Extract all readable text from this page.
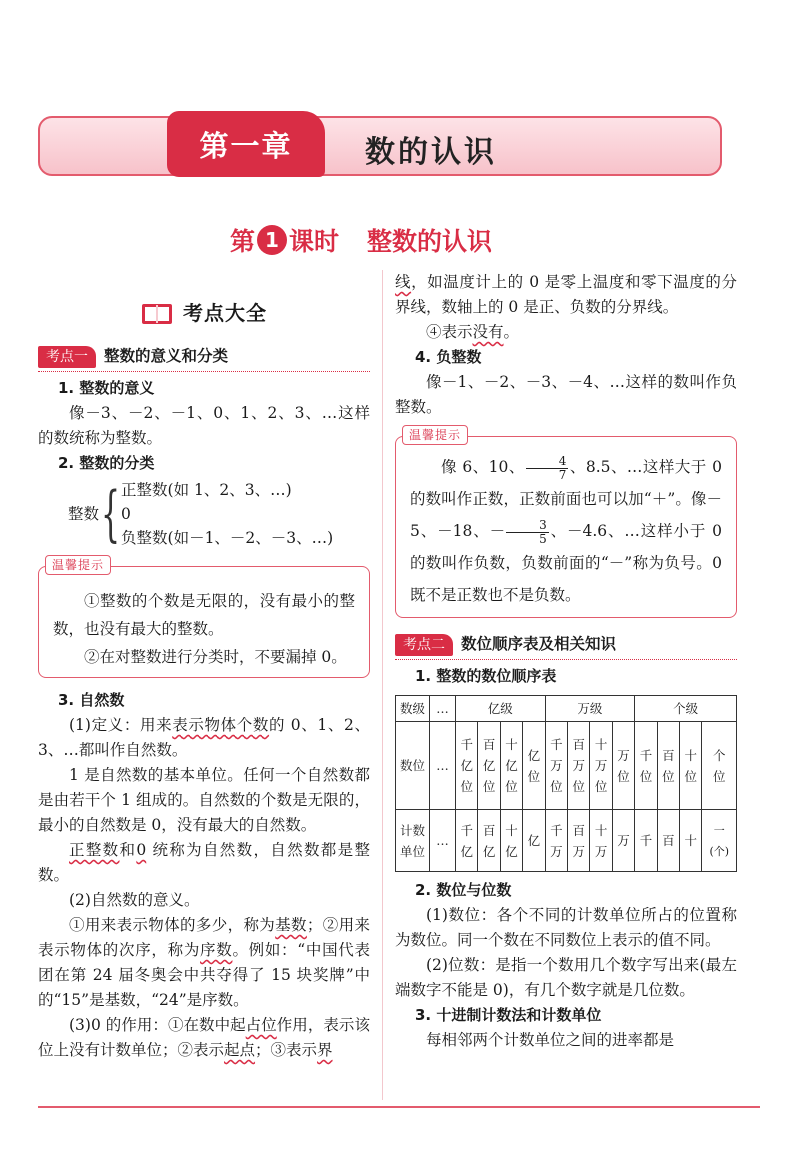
第一章	数的认识
第 1 课时 整数的认识
考点大全
考点一	整数的意义和分类
1. 整数的意义

像－3、－2、－1、0、1、2、3、…这样的数统称为整数。

2. 整数的分类
整数 { 正整数(如 1、2、3、…)
0
负整数(如－1、－2、－3、…)
温馨提示

①整数的个数是无限的，没有最小的整数，也没有最大的整数。

②在对整数进行分类时，不要漏掉 0。

3. 自然数

(1)定义：用来表示物体个数的 0、1、2、3、…都叫作自然数。

1 是自然数的基本单位。任何一个自然数都是由若干个 1 组成的。自然数的个数是无限的，最小的自然数是 0，没有最大的自然数。

正整数和0 统称为自然数，自然数都是整数。

(2)自然数的意义。

①用来表示物体的多少，称为基数；②用来表示物体的次序，称为序数。例如：“中国代表团在第 24 届冬奥会中共夺得了 15 块奖牌”中的“15”是基数，“24”是序数。

(3)0 的作用：①在数中起占位作用，表示该位上没有计数单位；②表示起点；③表示界

线，如温度计上的 0 是零上温度和零下温度的分界线，数轴上的 0 是正、负数的分界线。

④表示没有。

4. 负整数

像－1、－2、－3、－4、…这样的数叫作负整数。

温馨提示

像 6、10、 $\frac{4}{7}$ 、8.5、…这样大于 0 的数叫作正数，正数前面也可以加“＋”。像－5、－18、－ $\frac{3}{5}$ 、－4.6、…这样小于 0 的数叫作负数，负数前面的“－”称为负号。0 既不是正数也不是负数。

考点二	数位顺序表及相关知识
1. 整数的数位顺序表
数级	…	亿级				万级				个级			
数位	…	千亿位	百亿位	十亿位	亿位	千万位	百万位	十万位	万位	千位	百位	十位	个位
计数单位	…	千亿	百亿	十亿	亿	千万	百万	十万	万	千	百	十	一(个)
2. 数位与位数

(1)数位：各个不同的计数单位所占的位置称为数位。同一个数在不同数位上表示的值不同。

(2)位数：是指一个数用几个数字写出来(最左端数字不能是 0)，有几个数字就是几位数。

3. 十进制计数法和计数单位

每相邻两个计数单位之间的进率都是
